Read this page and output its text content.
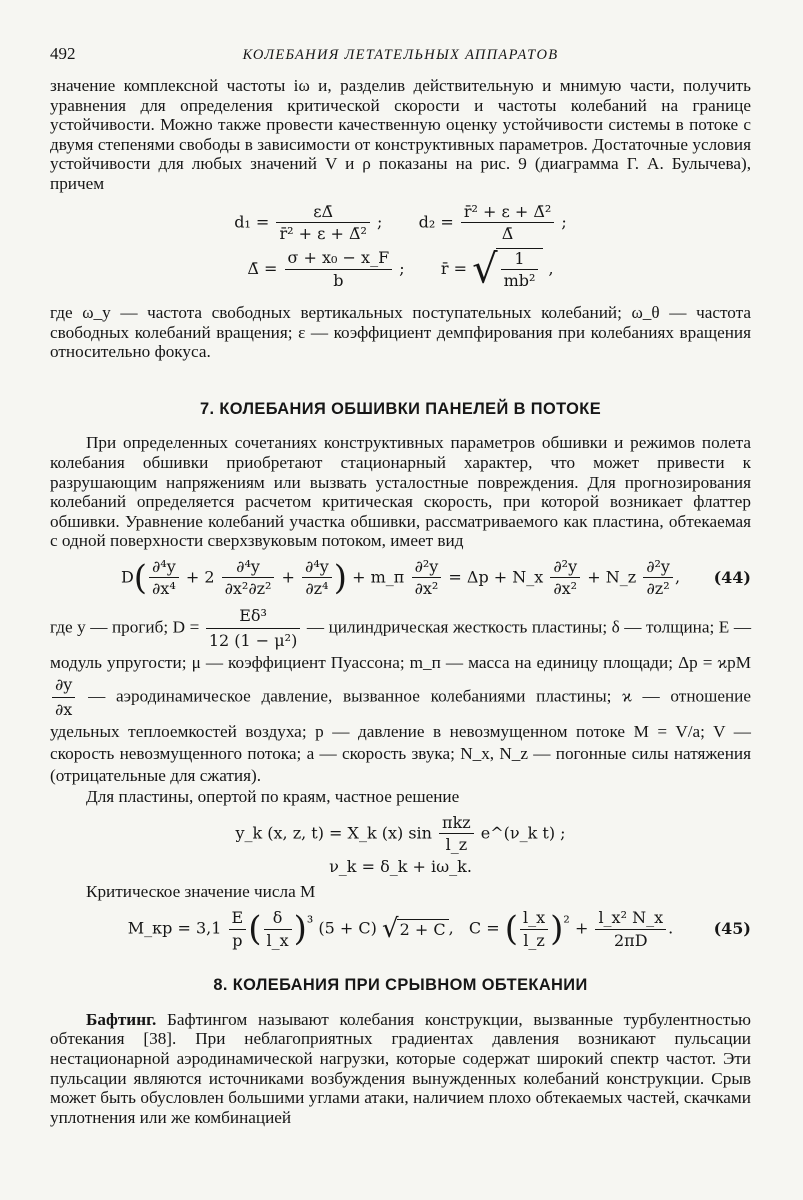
492	КОЛЕБАНИЯ ЛЕТАТЕЛЬНЫХ АППАРАТОВ

значение комплексной частоты iω и, разделив действительную и мнимую части, получить уравнения для определения критической скорости и частоты колебаний на границе устойчивости. Можно также провести качественную оценку устойчивости системы в потоке с двумя степенями свободы в зависимости от конструктивных параметров. Достаточные условия устойчивости для любых значений V и ρ показаны на рис. 9 (диаграмма Г. А. Булычева), причем

$d_1 = \frac{\varepsilon\Deltā}{\text{r̄² + ε + Δ̄²}}$ ; $d_2 = \frac{\text{r̄² + ε + Δ̄²}}{\Deltā}$ ;
Δ̄ = $\frac{\text{σ + x₀ − x\_F}}{b}$ ; r̄ = √ $\frac{1}{\text{mb²}}$ ,

где ω_y — частота свободных вертикальных поступательных колебаний; ω_θ — частота свободных колебаний вращения; ε — коэффициент демпфирования при колебаниях вращения относительно фокуса.

7. КОЛЕБАНИЯ ОБШИВКИ ПАНЕЛЕЙ В ПОТОКЕ

При определенных сочетаниях конструктивных параметров обшивки и режимов полета колебания обшивки приобретают стационарный характер, что может привести к разрушающим напряжениям или вызвать усталостные повреждения. Для прогнозирования колебаний определяется расчетом критическая скорость, при которой возникает флаттер обшивки. Уравнение колебаний участка обшивки, рассматриваемого как пластина, обтекаемая с одной поверхности сверхзвуковым потоком, имеет вид

$D( \frac{\text{∂⁴y}}{\text{∂x⁴}} + 2 \frac{\text{∂⁴y}}{\text{∂x²∂z²}} + \frac{\text{∂⁴y}}{\text{∂z⁴}}$ ) + m_п $\frac{\text{∂²y}}{\text{∂x²}} = \Delta p$ + N_x $\frac{\text{∂²y}}{\text{∂x²}}$ + N_z $\frac{\text{∂²y}}{\text{∂z²}}$ , (44)

где y — прогиб; $D = \frac{\text{Eδ³}}{\text{12 (1 − μ²)}}$ — цилиндрическая жесткость пластины; δ — толщина; E — модуль упругости; μ — коэффициент Пуассона; m_п — масса на единицу площади; Δp = ϰpM
$\frac{\partial y}{\partial x}$ — аэродинамическое давление, вызванное колебаниями пластины; ϰ — отношение удельных теплоемкостей воздуха; p — давление в невозмущенном потоке M = V/a; V — скорость невозмущенного потока; a — скорость звука; N_x, N_z — погонные силы натяжения (отрицательные для сжатия).

Для пластины, опертой по краям, частное решение

y_k (x, z, t) = X_k (x) $\sin \frac{\text{πkz}}{l\_z}$ e^(ν_k t) ;
ν_k = δ_k + iω_k.

Критическое значение числа M

M_кр = $3,1 \frac{E}{p}$ ( $\frac{\delta}{l\_x} )^3$ (5 + C) √2 + C ,   C = ( $\frac{l\_x}{l\_z} )^2 + \frac{\text{l\_x² N\_x}}{2\pi D}$ .	(45)
8. КОЛЕБАНИЯ ПРИ СРЫВНОМ ОБТЕКАНИИ

Бафтинг. Бафтингом называют колебания конструкции, вызванные турбулентностью обтекания [38]. При неблагоприятных градиентах давления возникают пульсации нестационарной аэродинамической нагрузки, которые содержат широкий спектр частот. Эти пульсации являются источниками возбуждения вынужденных колебаний конструкции. Срыв может быть обусловлен большими углами атаки, наличием плохо обтекаемых частей, скачками уплотнения или же комбинацией
